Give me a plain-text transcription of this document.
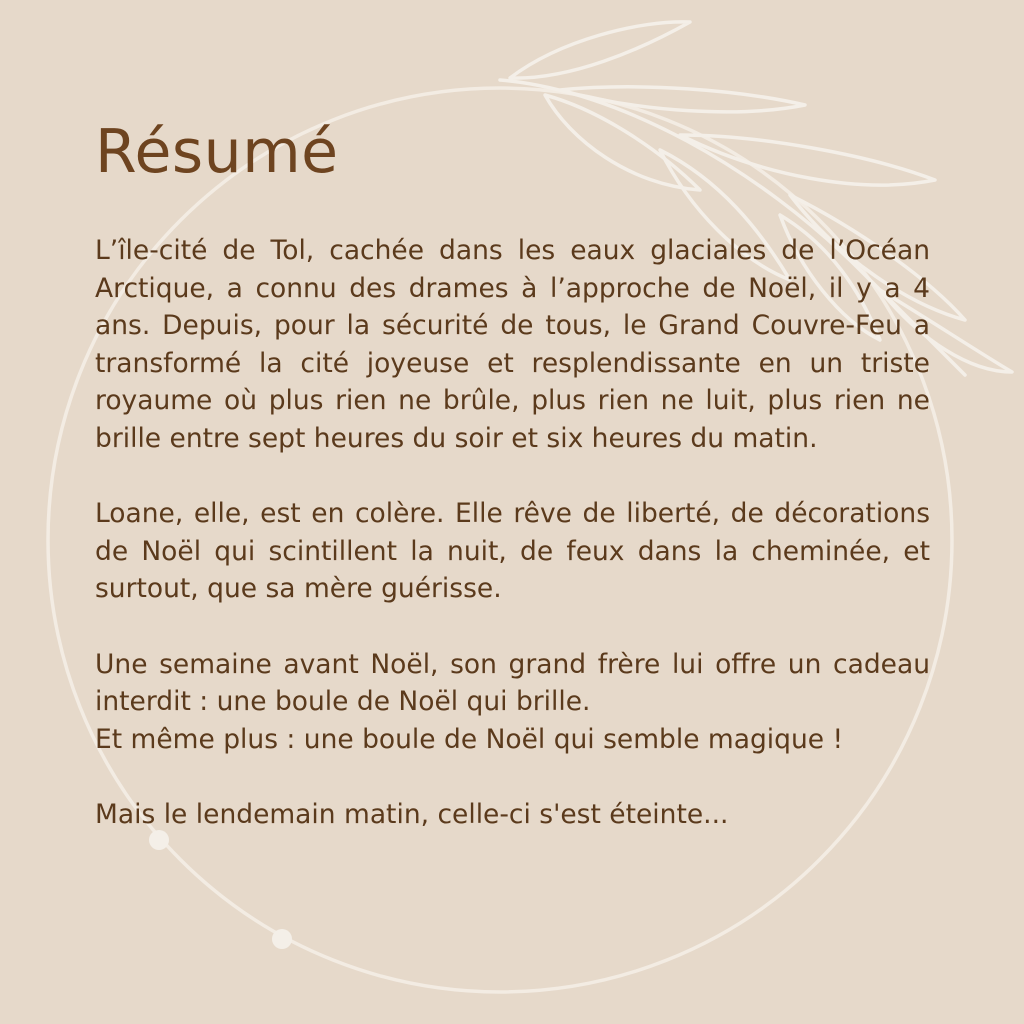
Résumé

L’île-cité de Tol, cachée dans les eaux glaciales de l’Océan Arctique, a connu des drames à l’approche de Noël, il y a 4 ans. Depuis, pour la sécurité de tous, le Grand Couvre-Feu a transformé la cité joyeuse et resplendissante en un triste royaume où plus rien ne brûle, plus rien ne luit, plus rien ne brille entre sept heures du soir et six heures du matin.

Loane, elle, est en colère. Elle rêve de liberté, de décorations de Noël qui scintillent la nuit, de feux dans la cheminée, et surtout, que sa mère guérisse.

Une semaine avant Noël, son grand frère lui offre un cadeau interdit : une boule de Noël qui brille.
Et même plus : une boule de Noël qui semble magique !

Mais le lendemain matin, celle-ci s'est éteinte...
